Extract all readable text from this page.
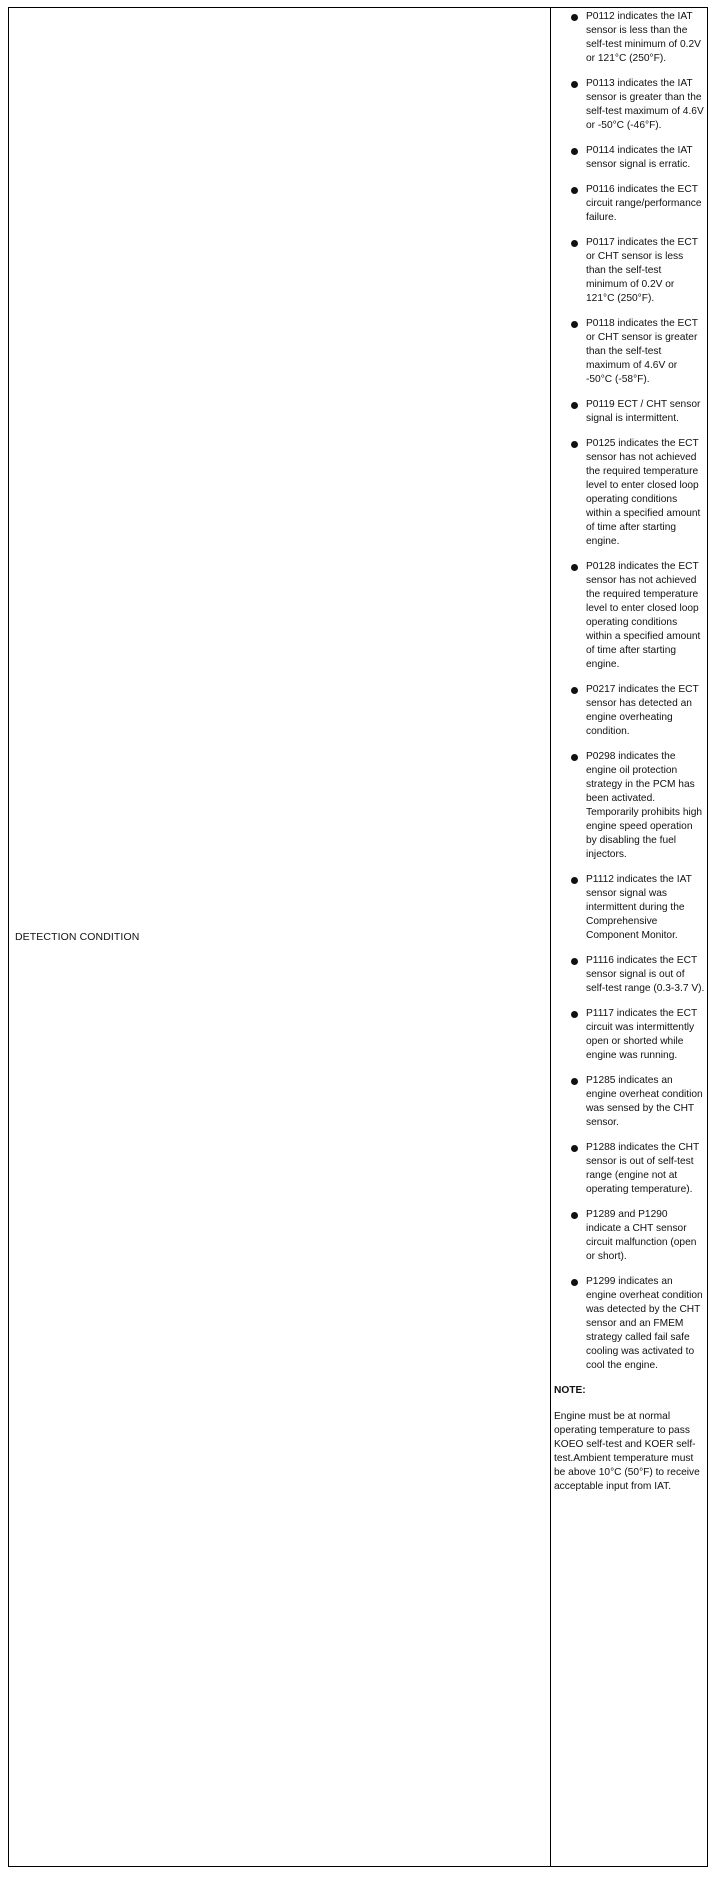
DETECTION CONDITION

P0112 indicates the IAT sensor is less than the self-test minimum of 0.2V or 121°C (250°F).
P0113 indicates the IAT sensor is greater than the self-test maximum of 4.6V or -50°C (-46°F).
P0114 indicates the IAT sensor signal is erratic.
P0116 indicates the ECT circuit range/performance failure.
P0117 indicates the ECT or CHT sensor is less than the self-test minimum of 0.2V or 121°C (250°F).
P0118 indicates the ECT or CHT sensor is greater than the self-test maximum of 4.6V or -50°C (-58°F).
P0119 ECT / CHT sensor signal is intermittent.
P0125 indicates the ECT sensor has not achieved the required temperature level to enter closed loop operating conditions within a specified amount of time after starting engine.
P0128 indicates the ECT sensor has not achieved the required temperature level to enter closed loop operating conditions within a specified amount of time after starting engine.
P0217 indicates the ECT sensor has detected an engine overheating condition.
P0298 indicates the engine oil protection strategy in the PCM has been activated. Temporarily prohibits high engine speed operation by disabling the fuel injectors.
P1112 indicates the IAT sensor signal was intermittent during the Comprehensive Component Monitor.
P1116 indicates the ECT sensor signal is out of self-test range (0.3-3.7 V).
P1117 indicates the ECT circuit was intermittently open or shorted while engine was running.
P1285 indicates an engine overheat condition was sensed by the CHT sensor.
P1288 indicates the CHT sensor is out of self-test range (engine not at operating temperature).
P1289 and P1290 indicate a CHT sensor circuit malfunction (open or short).
P1299 indicates an engine overheat condition was detected by the CHT sensor and an FMEM strategy called fail safe cooling was activated to cool the engine.
NOTE:
Engine must be at normal operating temperature to pass KOEO self-test and KOER self-test.Ambient temperature must be above 10°C (50°F) to receive acceptable input from IAT.
